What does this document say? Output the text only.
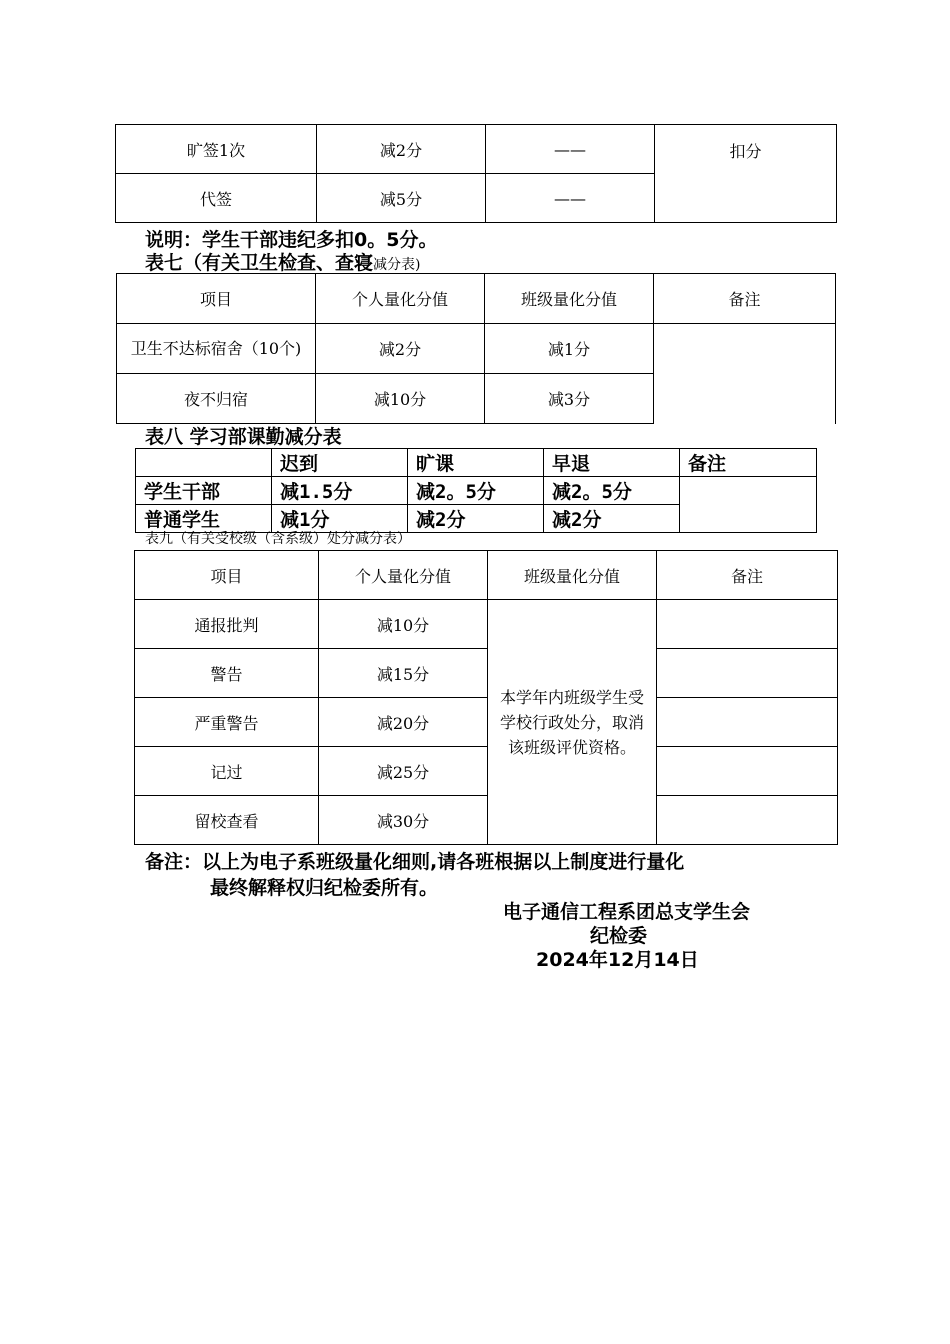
旷签1次	减2分	——	扣分
代签	减5分	——	
说明：学生干部违纪多扣0。5分。
表七（有关卫生检查、查寝减分表)
项目	个人量化分值	班级量化分值	备注
卫生不达标宿舍（10个)	减2分	减1分	
夜不归宿	减10分	减3分	
表八 学习部课勤减分表
	迟到	旷课	早退	备注
学生干部	减1.5分	减2。5分	减2。5分	
普通学生	减1分	减2分	减2分	
表九（有关受校级（含系级）处分减分表）
项目	个人量化分值	班级量化分值	备注
通报批判	减10分	本学年内班级学生受学校行政处分，取消该班级评优资格。	
警告	减15分		
严重警告	减20分		
记过	减25分		
留校查看	减30分		
备注：以上为电子系班级量化细则,请各班根据以上制度进行量化
最终解释权归纪检委所有。
电子通信工程系团总支学生会
纪检委
2024年12月14日
